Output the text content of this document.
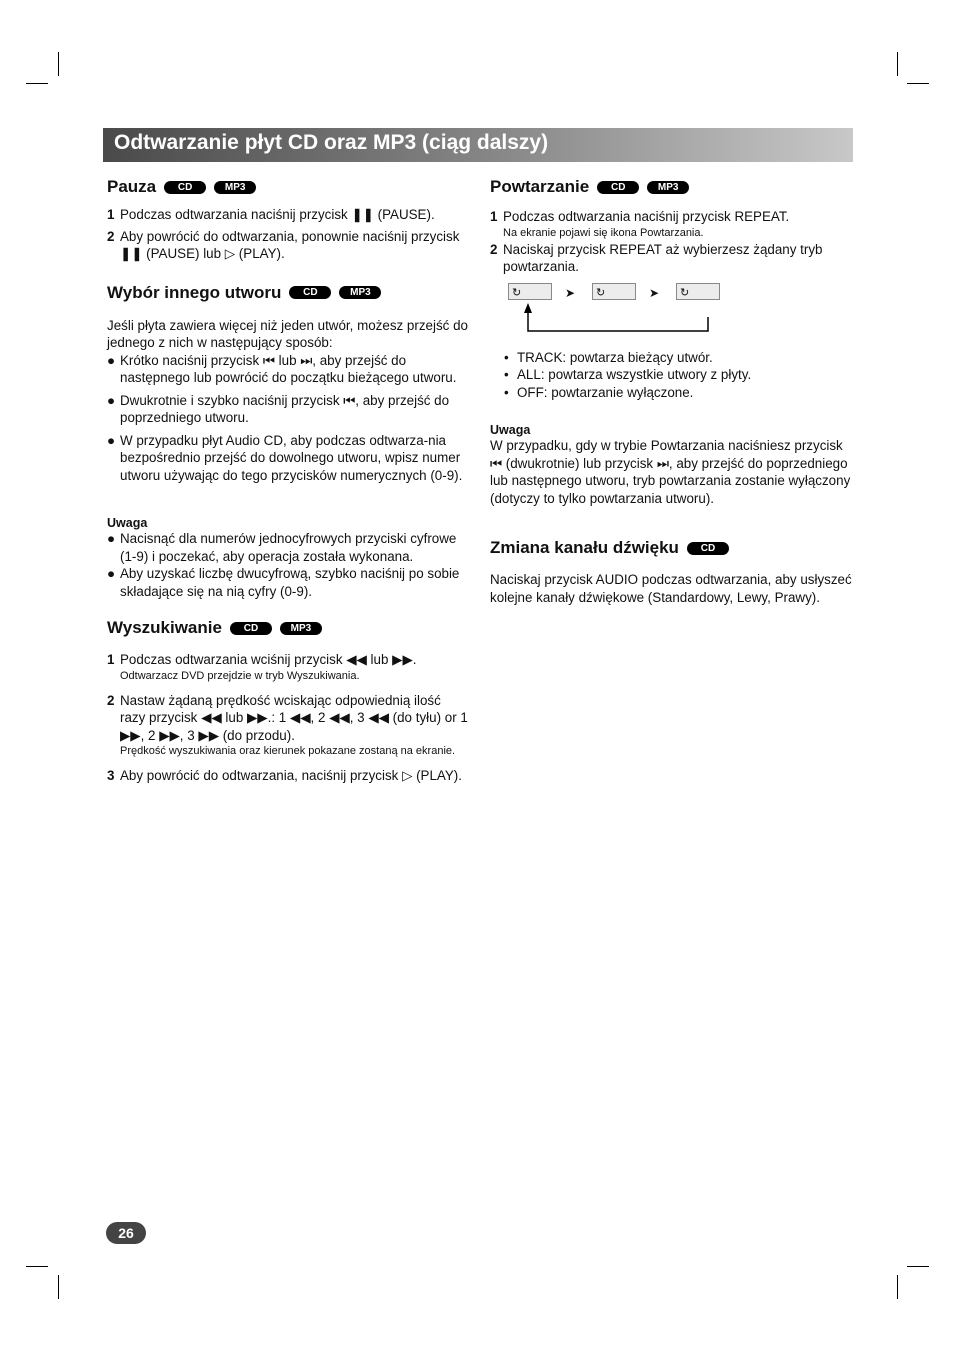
Odtwarzanie płyt CD oraz MP3 (ciąg dalszy)
Pauza	CD	MP3
1 Podczas odtwarzania naciśnij przycisk ❚❚ (PAUSE).
2 Aby powrócić do odtwarzania, ponownie naciśnij przycisk ❚❚ (PAUSE) lub ▷ (PLAY).
Wybór innego utworu	CD	MP3
Jeśli płyta zawiera więcej niż jeden utwór, możesz przejść do jednego z nich w następujący sposób:
● Krótko naciśnij przycisk ⏮ lub ⏭, aby przejść do następnego lub powrócić do początku bieżącego utworu.
● Dwukrotnie i szybko naciśnij przycisk ⏮, aby przejść do poprzedniego utworu.
● W przypadku płyt Audio CD, aby podczas odtwarza-nia bezpośrednio przejść do dowolnego utworu, wpisz numer utworu używając do tego przycisków numerycznych (0-9).
Uwaga
● Nacisnąć dla numerów jednocyfrowych przyciski cyfrowe (1-9) i poczekać, aby operacja została wykonana.
● Aby uzyskać liczbę dwucyfrową, szybko naciśnij po sobie składające się na nią cyfry (0-9).
Wyszukiwanie	CD	MP3
1 Podczas odtwarzania wciśnij przycisk ◀◀ lub ▶▶.
Odtwarzacz DVD przejdzie w tryb Wyszukiwania.
2 Nastaw żądaną prędkość wciskając odpowiednią ilość razy przycisk ◀◀ lub ▶▶.: 1 ◀◀, 2 ◀◀, 3 ◀◀ (do tyłu) or 1 ▶▶, 2 ▶▶, 3 ▶▶ (do przodu).
Prędkość wyszukiwania oraz kierunek pokazane zostaną na ekranie.
3 Aby powrócić do odtwarzania, naciśnij przycisk ▷ (PLAY).
Powtarzanie	CD	MP3
1 Podczas odtwarzania naciśnij przycisk REPEAT.
Na ekranie pojawi się ikona Powtarzania.
2 Naciskaj przycisk REPEAT aż wybierzesz żądany tryb powtarzania.
↻	➤ ↻	➤ ↻
• TRACK: powtarza bieżący utwór.
• ALL: powtarza wszystkie utwory z płyty.
• OFF: powtarzanie wyłączone.
Uwaga
W przypadku, gdy w trybie Powtarzania naciśniesz przycisk ⏮ (dwukrotnie) lub przycisk ⏭, aby przejść do poprzedniego lub następnego utworu, tryb powtarzania zostanie wyłączony (dotyczy to tylko powtarzania utworu).
Zmiana kanału dźwięku	CD
Naciskaj przycisk AUDIO podczas odtwarzania, aby usłyszeć kolejne kanały dźwiękowe (Standardowy, Lewy, Prawy).
26
